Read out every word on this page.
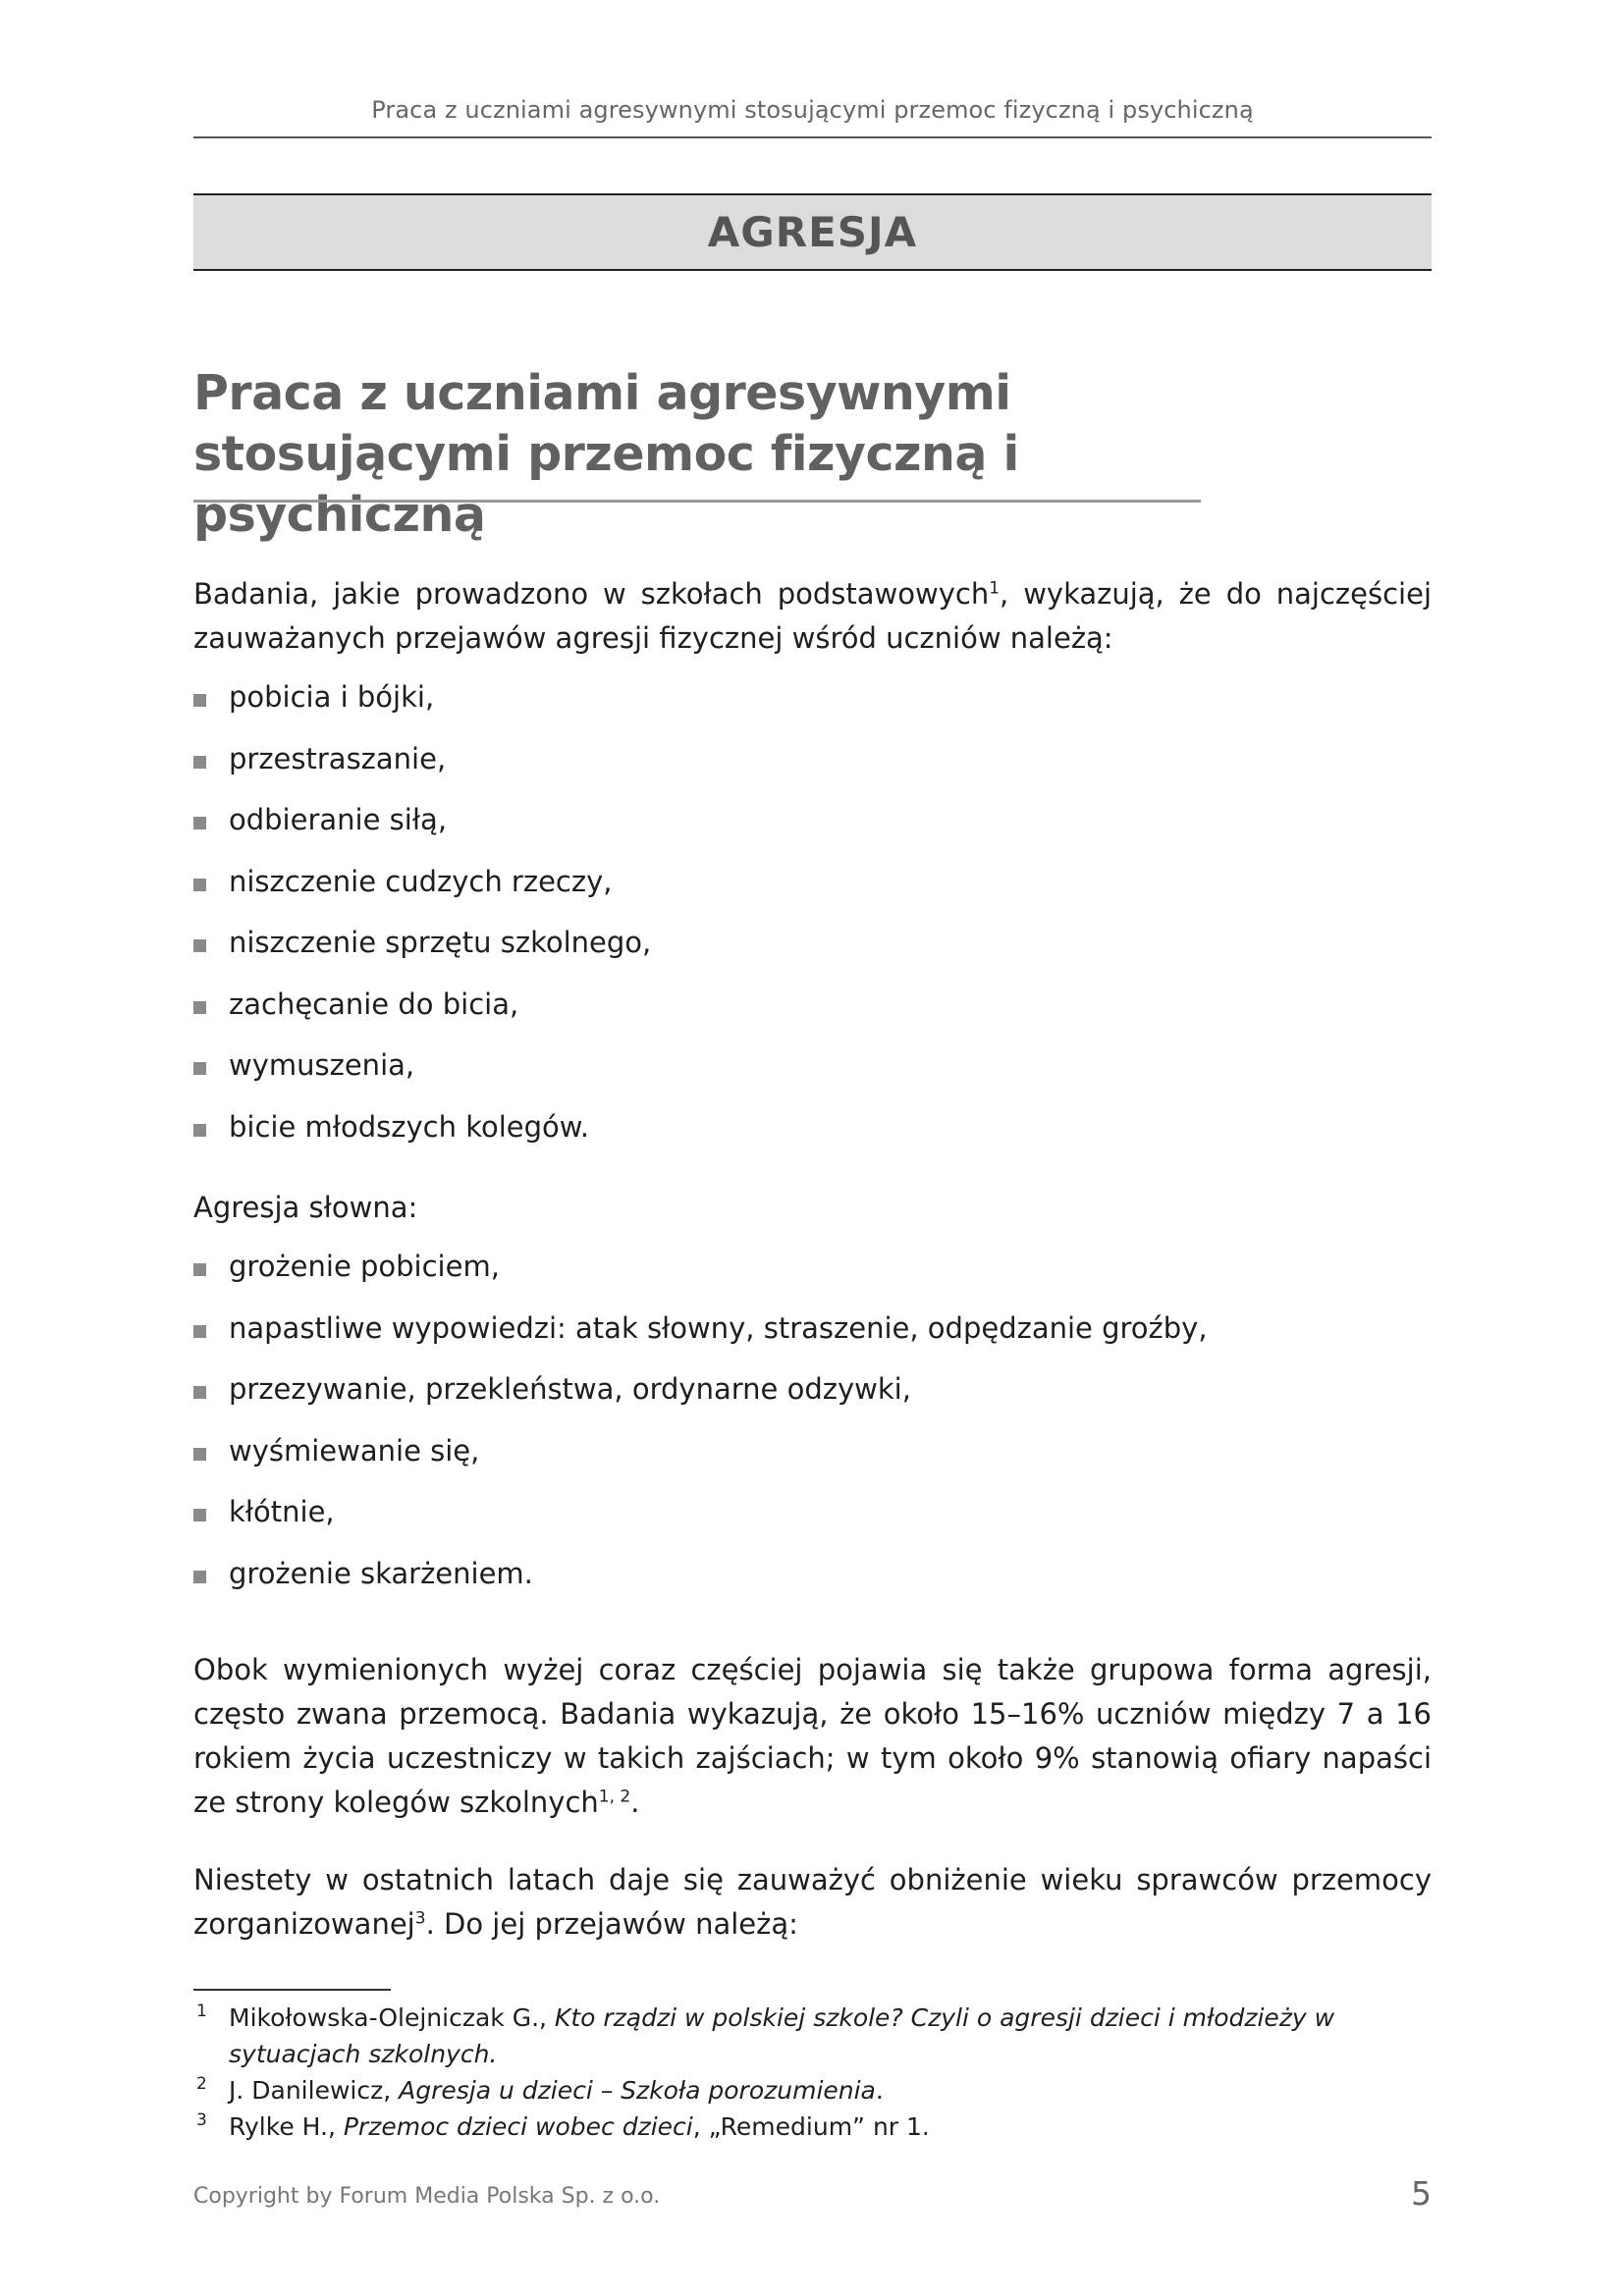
Praca z uczniami agresywnymi stosującymi przemoc fizyczną i psychiczną
AGRESJA
Praca z uczniami agresywnymi
stosującymi przemoc fizyczną i psychiczną

Badania, jakie prowadzono w szkołach podstawowych$^1$, wykazują, że do najczęściej zauważanych przejawów agresji fizycznej wśród uczniów należą:

pobicia i bójki,
przestraszanie,
odbieranie siłą,
niszczenie cudzych rzeczy,
niszczenie sprzętu szkolnego,
zachęcanie do bicia,
wymuszenia,
bicie młodszych kolegów.
Agresja słowna:
grożenie pobiciem,
napastliwe wypowiedzi: atak słowny, straszenie, odpędzanie groźby,
przezywanie, przekleństwa, ordynarne odzywki,
wyśmiewanie się,
kłótnie,
grożenie skarżeniem.

Obok wymienionych wyżej coraz częściej pojawia się także grupowa forma agresji, często zwana przemocą. Badania wykazują, że około 15–16% uczniów między 7 a 16 rokiem życia uczestniczy w takich zajściach; w tym około 9% stanowią ofiary napaści ze strony kolegów szkolnych$^{1, 2}$.

Niestety w ostatnich latach daje się zauważyć obniżenie wieku sprawców przemocy zorganizowanej$^3$. Do jej przejawów należą:

1 Mikołowska-Olejniczak G., Kto rządzi w polskiej szkole? Czyli o agresji dzieci i młodzieży w sytuacjach szkolnych.
2 J. Danilewicz, Agresja u dzieci – Szkoła porozumienia.
3 Rylke H., Przemoc dzieci wobec dzieci, „Remedium” nr 1.
Copyright by Forum Media Polska Sp. z o.o.	5
